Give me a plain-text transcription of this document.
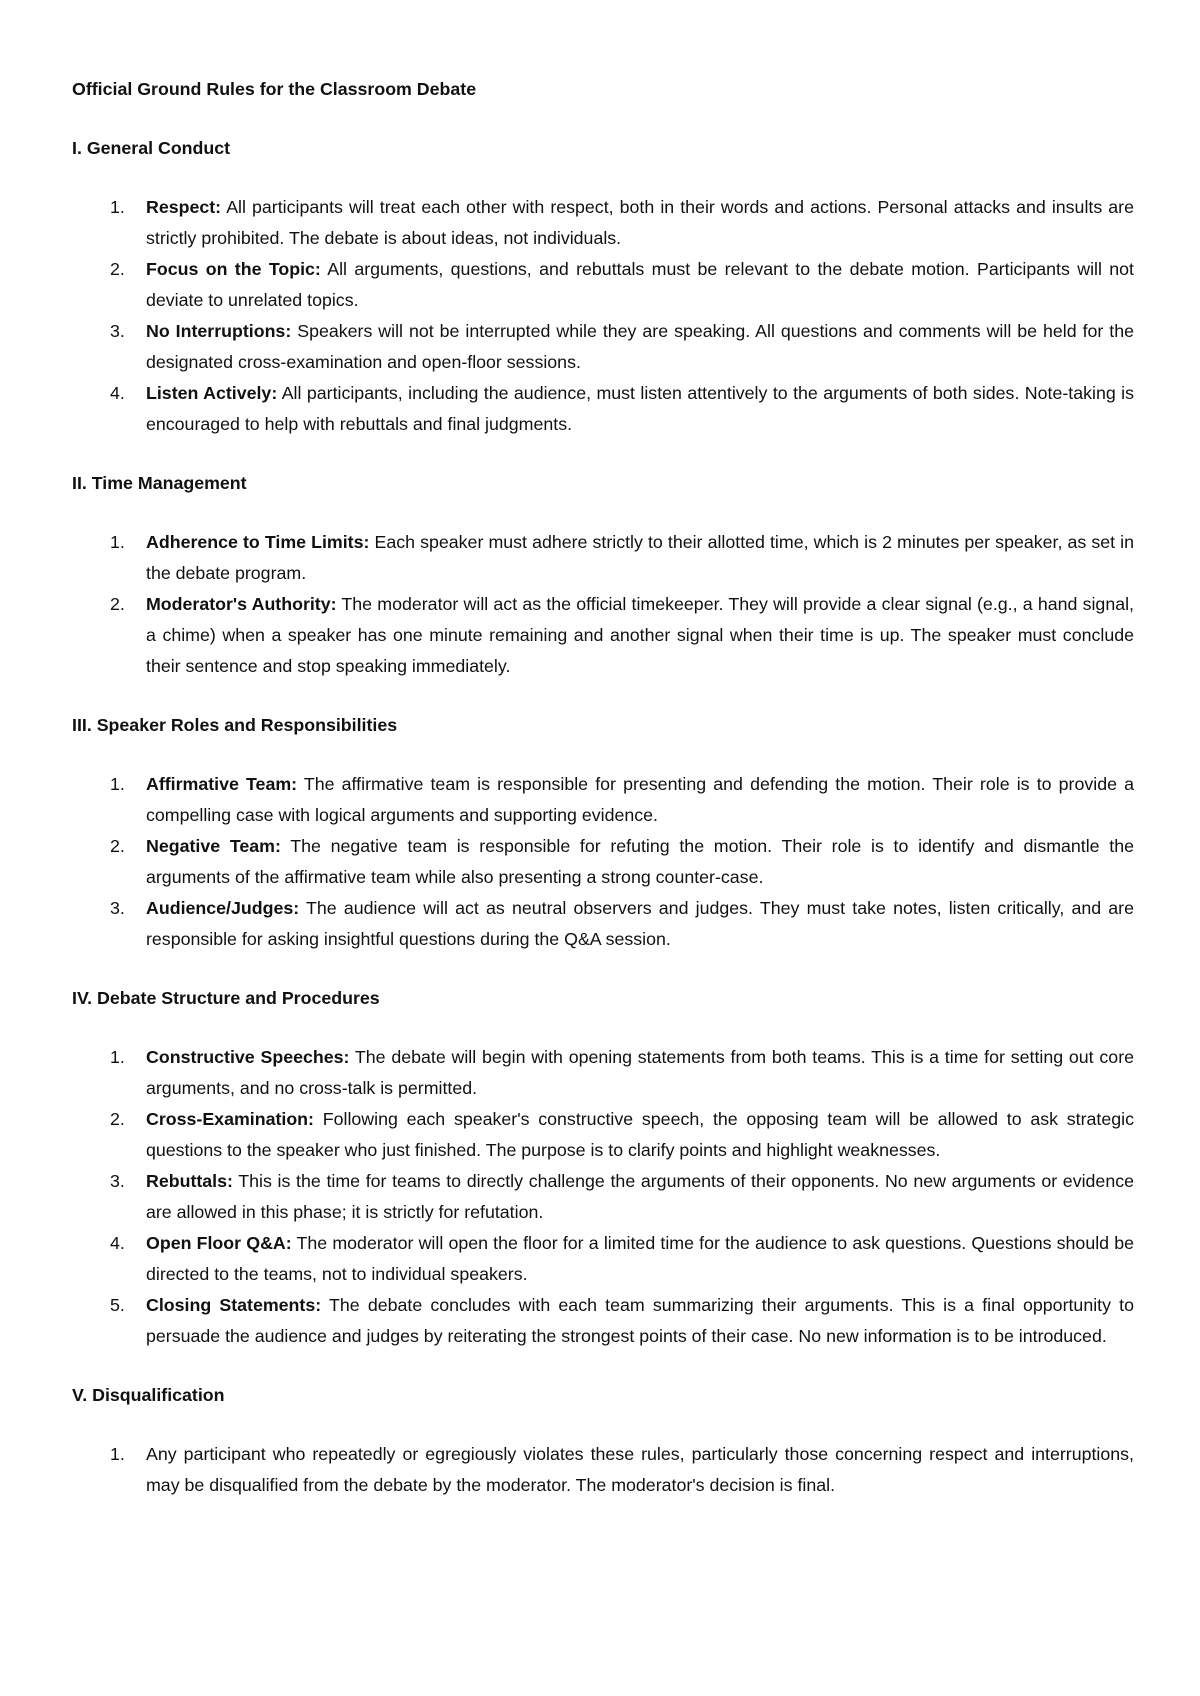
Official Ground Rules for the Classroom Debate
I. General Conduct
1. Respect: All participants will treat each other with respect, both in their words and actions. Personal attacks and insults are strictly prohibited. The debate is about ideas, not individuals.
2. Focus on the Topic: All arguments, questions, and rebuttals must be relevant to the debate motion. Participants will not deviate to unrelated topics.
3. No Interruptions: Speakers will not be interrupted while they are speaking. All questions and comments will be held for the designated cross-examination and open-floor sessions.
4. Listen Actively: All participants, including the audience, must listen attentively to the arguments of both sides. Note-taking is encouraged to help with rebuttals and final judgments.
II. Time Management
1. Adherence to Time Limits: Each speaker must adhere strictly to their allotted time, which is 2 minutes per speaker, as set in the debate program.
2. Moderator's Authority: The moderator will act as the official timekeeper. They will provide a clear signal (e.g., a hand signal, a chime) when a speaker has one minute remaining and another signal when their time is up. The speaker must conclude their sentence and stop speaking immediately.
III. Speaker Roles and Responsibilities
1. Affirmative Team: The affirmative team is responsible for presenting and defending the motion. Their role is to provide a compelling case with logical arguments and supporting evidence.
2. Negative Team: The negative team is responsible for refuting the motion. Their role is to identify and dismantle the arguments of the affirmative team while also presenting a strong counter-case.
3. Audience/Judges: The audience will act as neutral observers and judges. They must take notes, listen critically, and are responsible for asking insightful questions during the Q&A session.
IV. Debate Structure and Procedures
1. Constructive Speeches: The debate will begin with opening statements from both teams. This is a time for setting out core arguments, and no cross-talk is permitted.
2. Cross-Examination: Following each speaker's constructive speech, the opposing team will be allowed to ask strategic questions to the speaker who just finished. The purpose is to clarify points and highlight weaknesses.
3. Rebuttals: This is the time for teams to directly challenge the arguments of their opponents. No new arguments or evidence are allowed in this phase; it is strictly for refutation.
4. Open Floor Q&A: The moderator will open the floor for a limited time for the audience to ask questions. Questions should be directed to the teams, not to individual speakers.
5. Closing Statements: The debate concludes with each team summarizing their arguments. This is a final opportunity to persuade the audience and judges by reiterating the strongest points of their case. No new information is to be introduced.
V. Disqualification
1. Any participant who repeatedly or egregiously violates these rules, particularly those concerning respect and interruptions, may be disqualified from the debate by the moderator. The moderator's decision is final.
